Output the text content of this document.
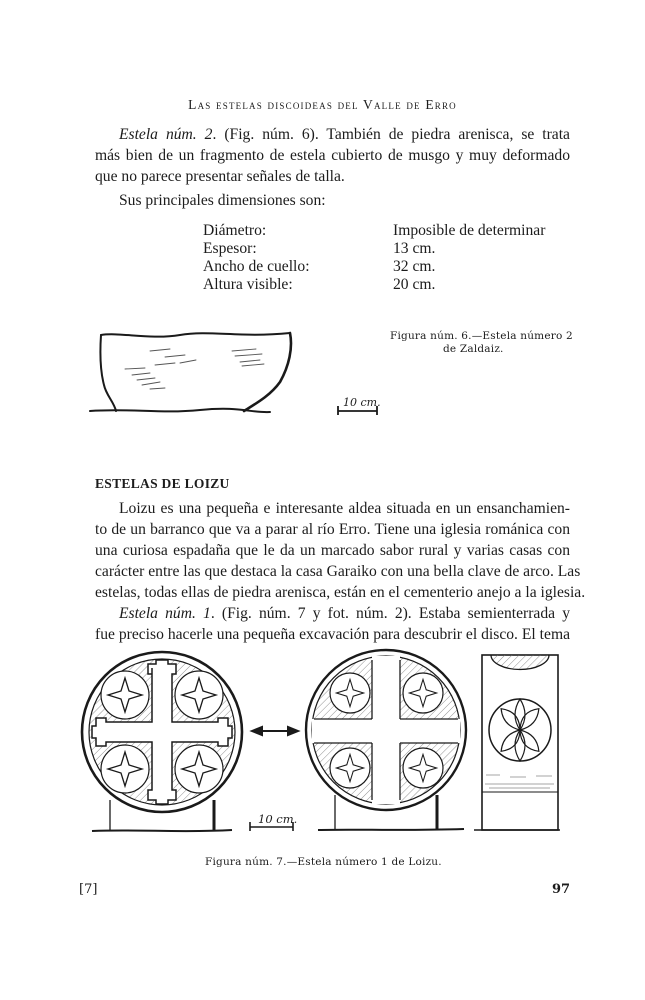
Las estelas discoideas del Valle de Erro
Estela núm. 2. (Fig. núm. 6). También de piedra arenisca, se trata
más bien de un fragmento de estela cubierto de musgo y muy deformado
que no parece presentar señales de talla.
Sus principales dimensiones son:
Diámetro:	Imposible de determinar
Espesor:	13 cm.
Ancho de cuello:	32 cm.
Altura visible:	20 cm.
10 cm.
Figura núm. 6.—Estela número 2
de Zaldaiz.
ESTELAS DE LOIZU
Loizu es una pequeña e interesante aldea situada en un ensanchamien-
to de un barranco que va a parar al río Erro. Tiene una iglesia románica con
una curiosa espadaña que le da un marcado sabor rural y varias casas con
carácter entre las que destaca la casa Garaiko con una bella clave de arco. Las
estelas, todas ellas de piedra arenisca, están en el cementerio anejo a la iglesia.
Estela núm. 1. (Fig. núm. 7 y fot. núm. 2). Estaba semienterrada y
fue preciso hacerle una pequeña excavación para descubrir el disco. El tema
10 cm.
Figura núm. 7.—Estela número 1 de Loizu.
[7]	97
